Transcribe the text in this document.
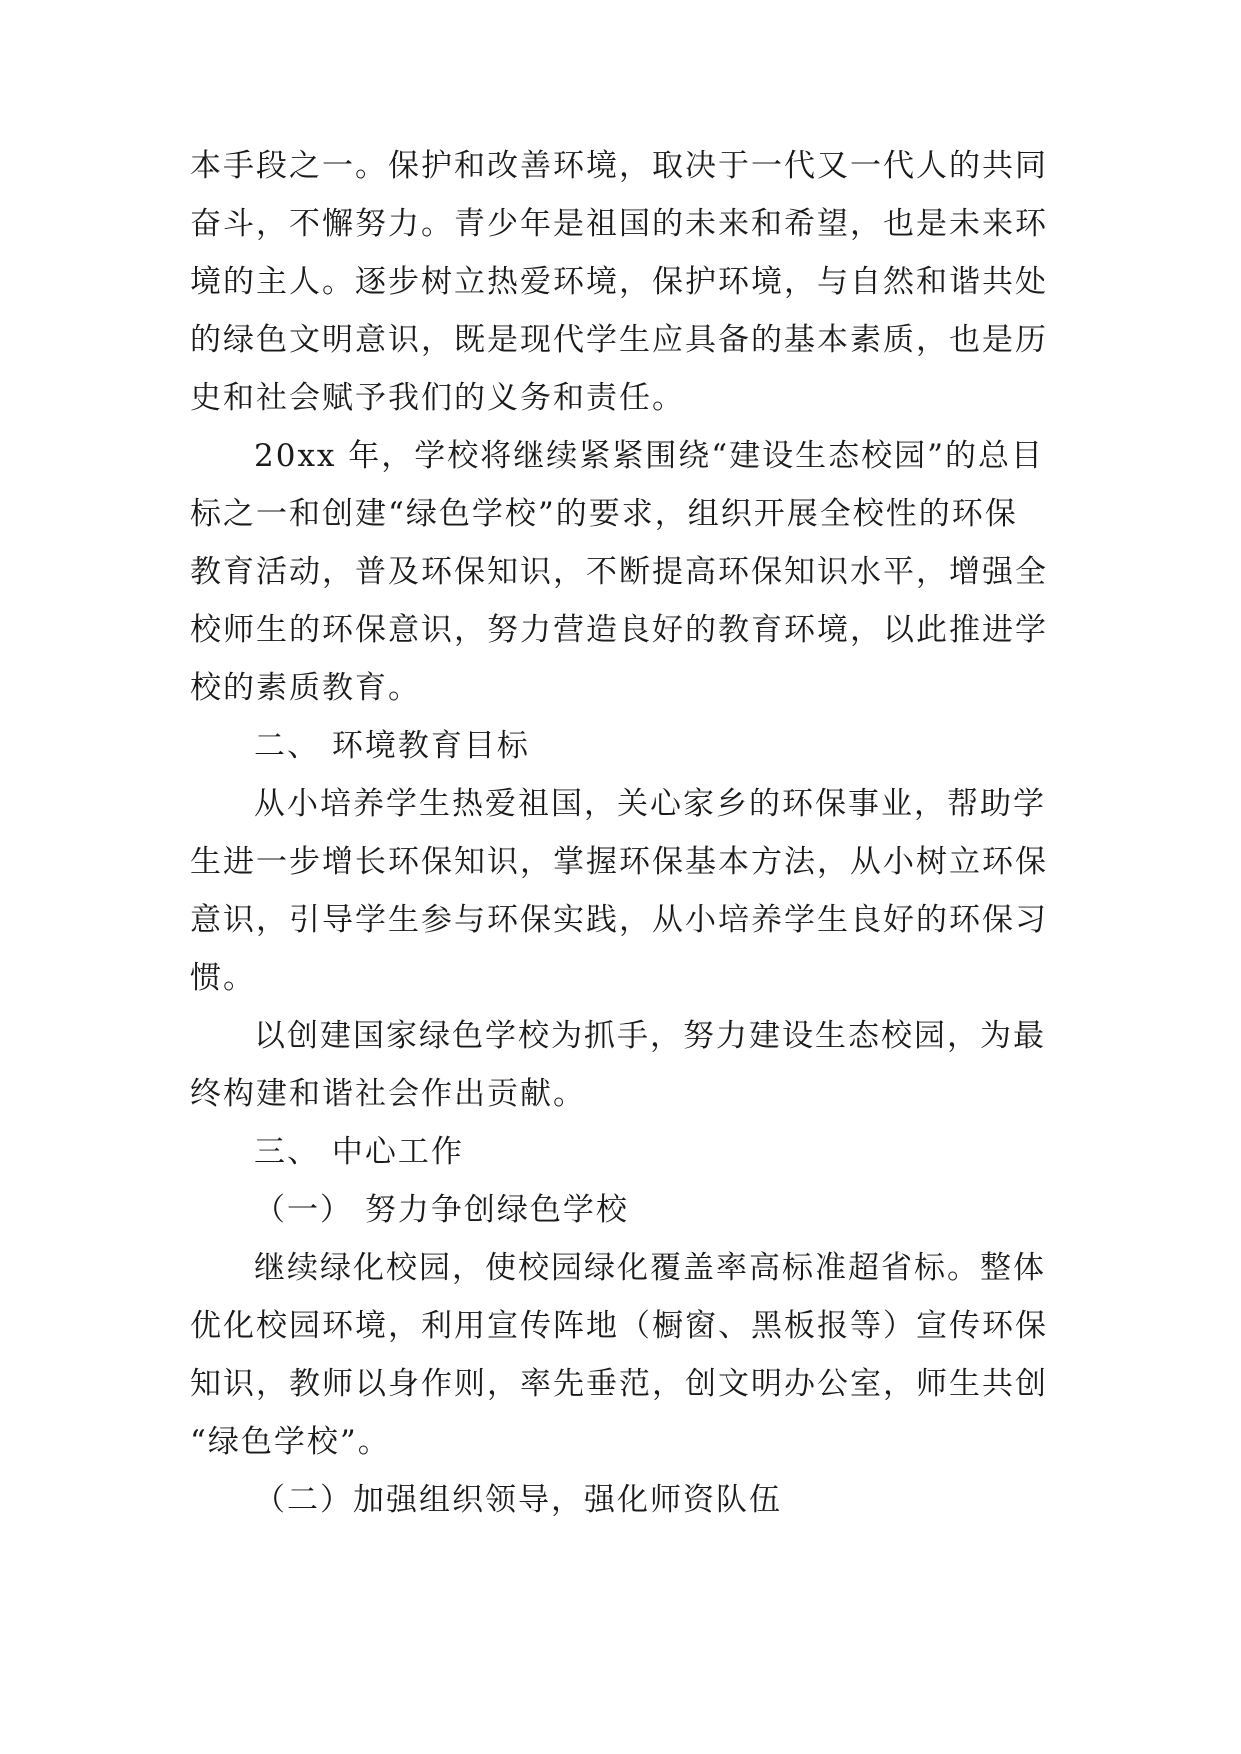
本手段之一。保护和改善环境，取决于一代又一代人的共同
奋斗，不懈努力。青少年是祖国的未来和希望，也是未来环
境的主人。逐步树立热爱环境，保护环境，与自然和谐共处
的绿色文明意识，既是现代学生应具备的基本素质，也是历
史和社会赋予我们的义务和责任。
20xx 年，学校将继续紧紧围绕“建设生态校园”的总目
标之一和创建“绿色学校”的要求，组织开展全校性的环保
教育活动，普及环保知识，不断提高环保知识水平，增强全
校师生的环保意识，努力营造良好的教育环境，以此推进学
校的素质教育。
二、 环境教育目标
从小培养学生热爱祖国，关心家乡的环保事业，帮助学
生进一步增长环保知识，掌握环保基本方法，从小树立环保
意识，引导学生参与环保实践，从小培养学生良好的环保习
惯。
以创建国家绿色学校为抓手，努力建设生态校园，为最
终构建和谐社会作出贡献。
三、 中心工作
（一） 努力争创绿色学校
继续绿化校园，使校园绿化覆盖率高标准超省标。整体
优化校园环境，利用宣传阵地（橱窗、黑板报等）宣传环保
知识，教师以身作则，率先垂范，创文明办公室，师生共创
“绿色学校”。
（二）加强组织领导，强化师资队伍
